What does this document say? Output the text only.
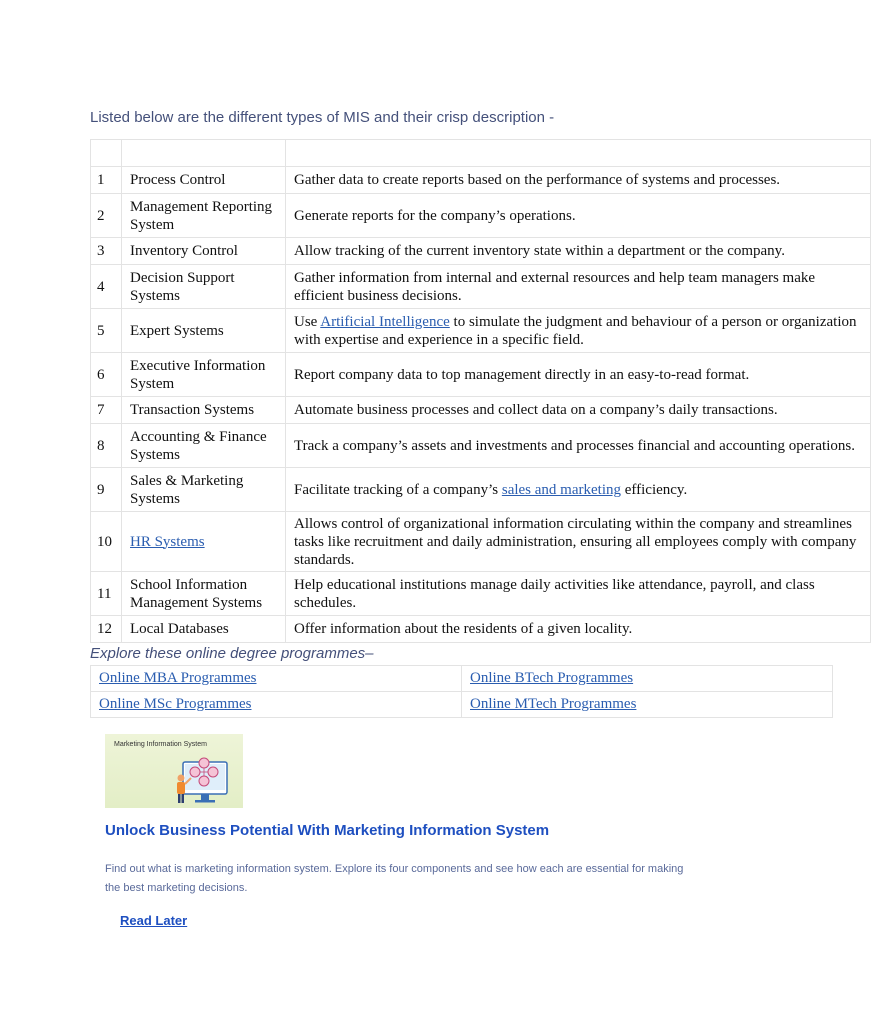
Listed below are the different types of MIS and their crisp description -

1	Process Control	Gather data to create reports based on the performance of systems and processes.
2	Management Reporting System	Generate reports for the company’s operations.
3	Inventory Control	Allow tracking of the current inventory state within a department or the company.
4	Decision Support Systems	Gather information from internal and external resources and help team managers make efficient business decisions.
5	Expert Systems	Use Artificial Intelligence to simulate the judgment and behaviour of a person or organization with expertise and experience in a specific field.
6	Executive Information System	Report company data to top management directly in an easy-to-read format.
7	Transaction Systems	Automate business processes and collect data on a company’s daily transactions.
8	Accounting & Finance Systems	Track a company’s assets and investments and processes financial and accounting operations.
9	Sales & Marketing Systems	Facilitate tracking of a company’s sales and marketing efficiency.
10	HR Systems	Allows control of organizational information circulating within the company and streamlines tasks like recruitment and daily administration, ensuring all employees comply with company standards.
11	School Information Management Systems	Help educational institutions manage daily activities like attendance, payroll, and class schedules.
12	Local Databases	Offer information about the residents of a given locality.
Explore these online degree programmes–
Online MBA Programmes	Online BTech Programmes
Online MSc Programmes	Online MTech Programmes
Marketing Information System
Unlock Business Potential With Marketing Information System
Find out what is marketing information system. Explore its four components and see how each are essential for making the best marketing decisions.
Read Later
